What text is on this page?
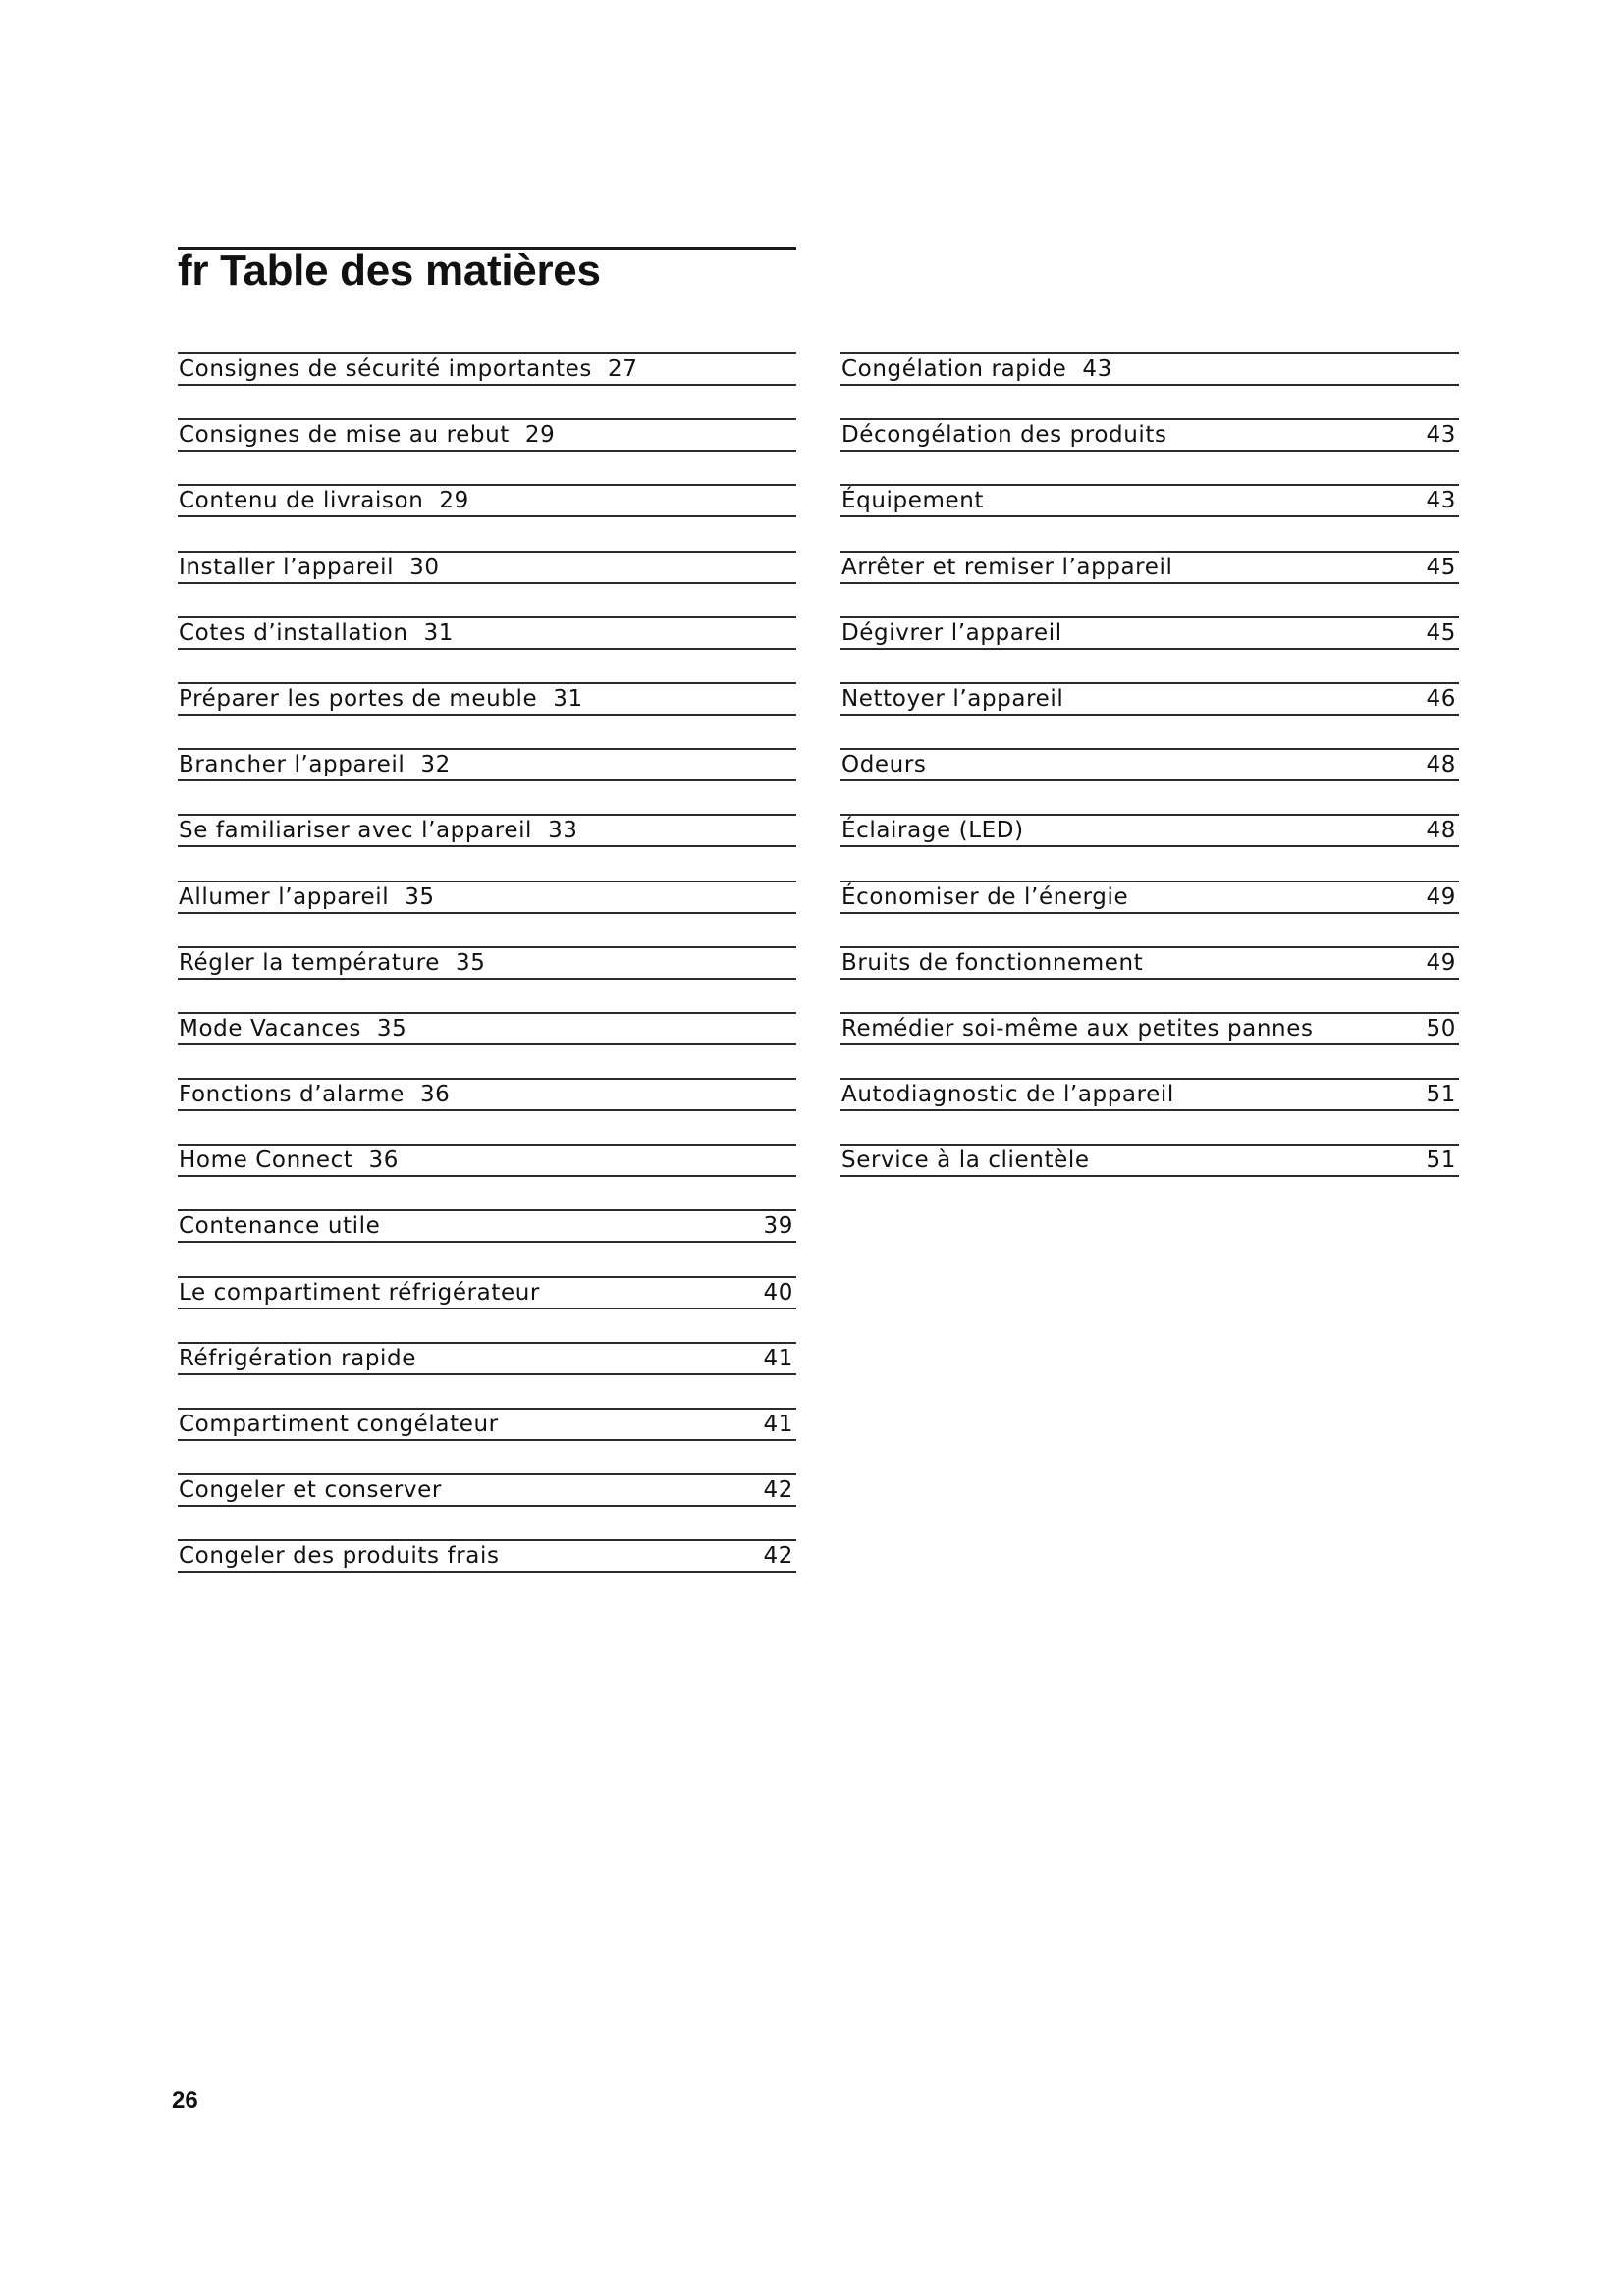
fr Table des matières
Consignes de sécurité importantes 27
Consignes de mise au rebut 29
Contenu de livraison 29
Installer l’appareil 30
Cotes d’installation 31
Préparer les portes de meuble 31
Brancher l’appareil 32
Se familiariser avec l’appareil 33
Allumer l’appareil 35
Régler la température 35
Mode Vacances 35
Fonctions d’alarme 36
Home Connect 36
Contenance utile	39
Le compartiment réfrigérateur	40
Réfrigération rapide	41
Compartiment congélateur	41
Congeler et conserver	42
Congeler des produits frais	42
Congélation rapide 43
Décongélation des produits	43
Équipement	43
Arrêter et remiser l’appareil	45
Dégivrer l’appareil	45
Nettoyer l’appareil	46
Odeurs	48
Éclairage (LED)	48
Économiser de l’énergie	49
Bruits de fonctionnement	49
Remédier soi-même aux petites pannes	50
Autodiagnostic de l’appareil	51
Service à la clientèle	51
26
